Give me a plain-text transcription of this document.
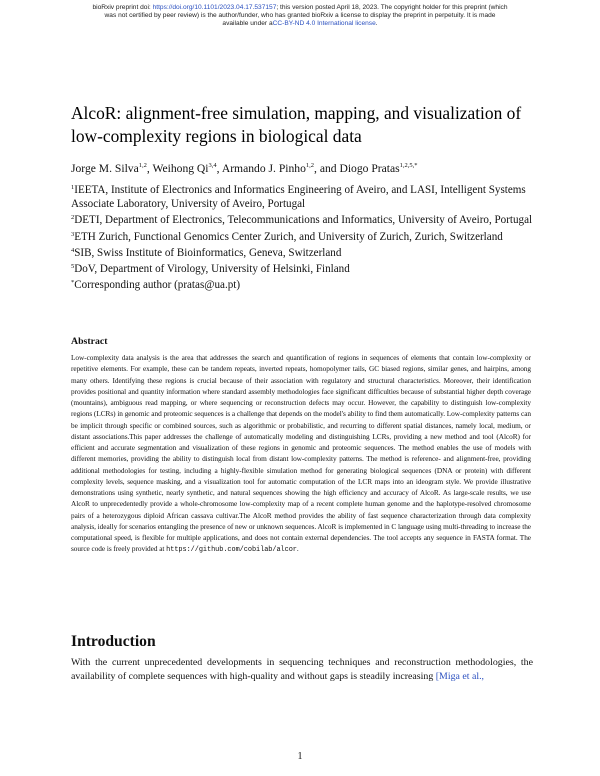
bioRxiv preprint doi: https://doi.org/10.1101/2023.04.17.537157; this version posted April 18, 2023. The copyright holder for this preprint (which
was not certified by peer review) is the author/funder, who has granted bioRxiv a license to display the preprint in perpetuity. It is made
available under aCC-BY-ND 4.0 International license.
AlcoR: alignment-free simulation, mapping, and visualization of low-complexity regions in biological data
Jorge M. Silva$^{1,2}$, Weihong Qi$^{3,4}$, Armando J. Pinho$^{1,2}$, and Diogo Pratas$^{1,2,5,*}$

$^1$IEETA, Institute of Electronics and Informatics Engineering of Aveiro, and LASI, Intelligent Systems Associate Laboratory, University of Aveiro, Portugal

$^2$DETI, Department of Electronics, Telecommunications and Informatics, University of Aveiro, Portugal

$^3$ETH Zurich, Functional Genomics Center Zurich, and University of Zurich, Zurich, Switzerland

$^4$SIB, Swiss Institute of Bioinformatics, Geneva, Switzerland

$^5$DoV, Department of Virology, University of Helsinki, Finland

*Corresponding author (pratas@ua.pt)

Abstract

Low-complexity data analysis is the area that addresses the search and quantification of regions in sequences of elements that contain low-complexity or repetitive elements. For example, these can be tandem repeats, inverted repeats, homopolymer tails, GC biased regions, similar genes, and hairpins, among many others. Identifying these regions is crucial because of their association with regulatory and structural characteristics. Moreover, their identification provides positional and quantity information where standard assembly methodologies face significant difficulties because of substantial higher depth coverage (mountains), ambiguous read mapping, or where sequencing or reconstruction defects may occur. However, the capability to distinguish low-complexity regions (LCRs) in genomic and proteomic sequences is a challenge that depends on the model's ability to find them automatically. Low-complexity patterns can be implicit through specific or combined sources, such as algorithmic or probabilistic, and recurring to different spatial distances, namely local, medium, or distant associations.This paper addresses the challenge of automatically modeling and distinguishing LCRs, providing a new method and tool (AlcoR) for efficient and accurate segmentation and visualization of these regions in genomic and proteomic sequences. The method enables the use of models with different memories, providing the ability to distinguish local from distant low-complexity patterns. The method is reference- and alignment-free, providing additional methodologies for testing, including a highly-flexible simulation method for generating biological sequences (DNA or protein) with different complexity levels, sequence masking, and a visualization tool for automatic computation of the LCR maps into an ideogram style. We provide illustrative demonstrations using synthetic, nearly synthetic, and natural sequences showing the high efficiency and accuracy of AlcoR. As large-scale results, we use AlcoR to unprecedentedly provide a whole-chromosome low-complexity map of a recent complete human genome and the haplotype-resolved chromosome pairs of a heterozygous diploid African cassava cultivar.The AlcoR method provides the ability of fast sequence characterization through data complexity analysis, ideally for scenarios entangling the presence of new or unknown sequences. AlcoR is implemented in C language using multi-threading to increase the computational speed, is flexible for multiple applications, and does not contain external dependencies. The tool accepts any sequence in FASTA format. The source code is freely provided at https://github.com/cobilab/alcor.

Introduction

With the current unprecedented developments in sequencing techniques and reconstruction methodologies, the availability of complete sequences with high-quality and without gaps is steadily increasing [Miga et al.,

1
